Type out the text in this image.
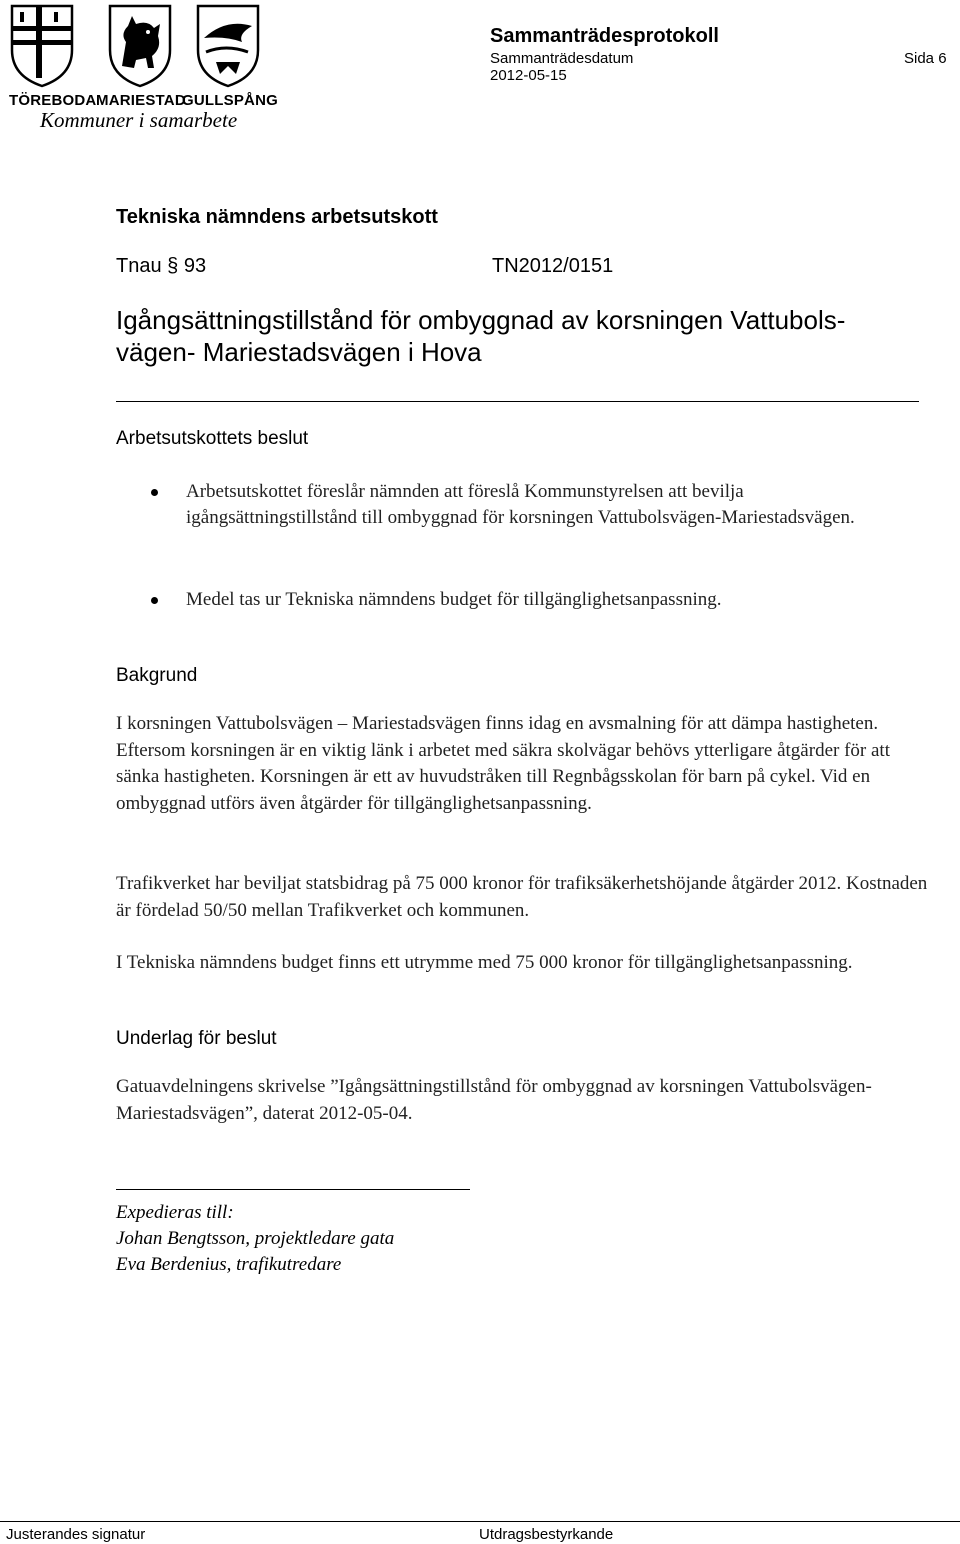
TÖREBODA MARIESTAD
GULLSPÅNG
Kommuner i samarbete
Sammanträdesprotokoll
Sammanträdesdatum
2012-05-15
Sida 6
Tekniska nämndens arbetsutskott
Tnau § 93	TN2012/0151
Igångsättningstillstånd för ombyggnad av korsningen Vattubols-vägen- Mariestadsvägen i Hova
Arbetsutskottets beslut
Arbetsutskottet föreslår nämnden att föreslå Kommunstyrelsen att bevilja igångsättningstillstånd till ombyggnad för korsningen Vattubolsvägen-Mariestadsvägen.
Medel tas ur Tekniska nämndens budget för tillgänglighetsanpassning.
Bakgrund
I korsningen Vattubolsvägen – Mariestadsvägen finns idag en avsmalning för att dämpa hastigheten. Eftersom korsningen är en viktig länk i arbetet med säkra skolvägar behövs ytterligare åtgärder för att sänka hastigheten. Korsningen är ett av huvudstråken till Regnbågsskolan för barn på cykel. Vid en ombyggnad utförs även åtgärder för tillgänglighetsanpassning.
Trafikverket har beviljat statsbidrag på 75 000 kronor för trafiksäkerhetshöjande åtgärder 2012. Kostnaden är fördelad 50/50 mellan Trafikverket och kommunen.
I Tekniska nämndens budget finns ett utrymme med 75 000 kronor för tillgänglighetsanpassning.
Underlag för beslut
Gatuavdelningens skrivelse ”Igångsättningstillstånd för ombyggnad av korsningen Vattubolsvägen-Mariestadsvägen”, daterat 2012-05-04.
Expedieras till:
Johan Bengtsson, projektledare gata
Eva Berdenius, trafikutredare
Justerandes signatur	Utdragsbestyrkande
